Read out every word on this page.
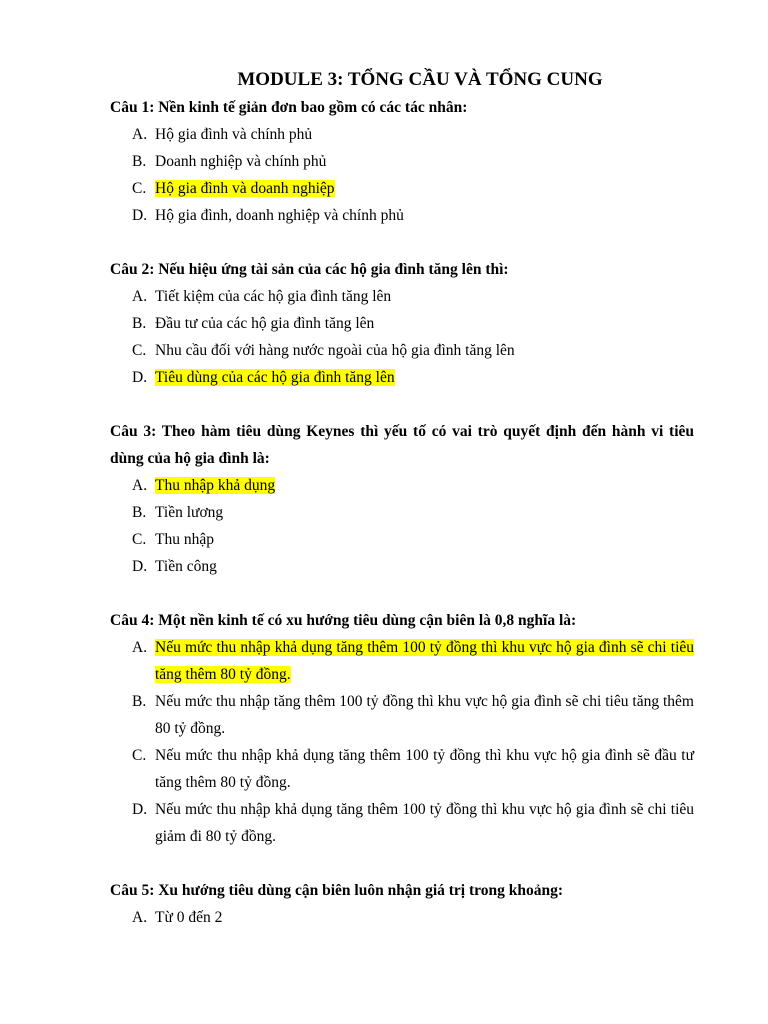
MODULE 3: TỔNG CẦU VÀ TỔNG CUNG

Câu 1: Nền kinh tế giản đơn bao gồm có các tác nhân:

A. Hộ gia đình và chính phủ
B. Doanh nghiệp và chính phủ
C. Hộ gia đình và doanh nghiệp
D. Hộ gia đình, doanh nghiệp và chính phủ

Câu 2: Nếu hiệu ứng tài sản của các hộ gia đình tăng lên thì:

A. Tiết kiệm của các hộ gia đình tăng lên
B. Đầu tư của các hộ gia đình tăng lên
C. Nhu cầu đối với hàng nước ngoài của hộ gia đình tăng lên
D. Tiêu dùng của các hộ gia đình tăng lên

Câu 3: Theo hàm tiêu dùng Keynes thì yếu tố có vai trò quyết định đến hành vi tiêu dùng của hộ gia đình là:

A. Thu nhập khả dụng
B. Tiền lương
C. Thu nhập
D. Tiền công

Câu 4: Một nền kinh tế có xu hướng tiêu dùng cận biên là 0,8 nghĩa là:

A. Nếu mức thu nhập khả dụng tăng thêm 100 tỷ đồng thì khu vực hộ gia đình sẽ chi tiêu tăng thêm 80 tỷ đồng.
B. Nếu mức thu nhập tăng thêm 100 tỷ đồng thì khu vực hộ gia đình sẽ chi tiêu tăng thêm 80 tỷ đồng.
C. Nếu mức thu nhập khả dụng tăng thêm 100 tỷ đồng thì khu vực hộ gia đình sẽ đầu tư tăng thêm 80 tỷ đồng.
D. Nếu mức thu nhập khả dụng tăng thêm 100 tỷ đồng thì khu vực hộ gia đình sẽ chi tiêu giảm đi 80 tỷ đồng.

Câu 5: Xu hướng tiêu dùng cận biên luôn nhận giá trị trong khoảng:

A. Từ 0 đến 2
